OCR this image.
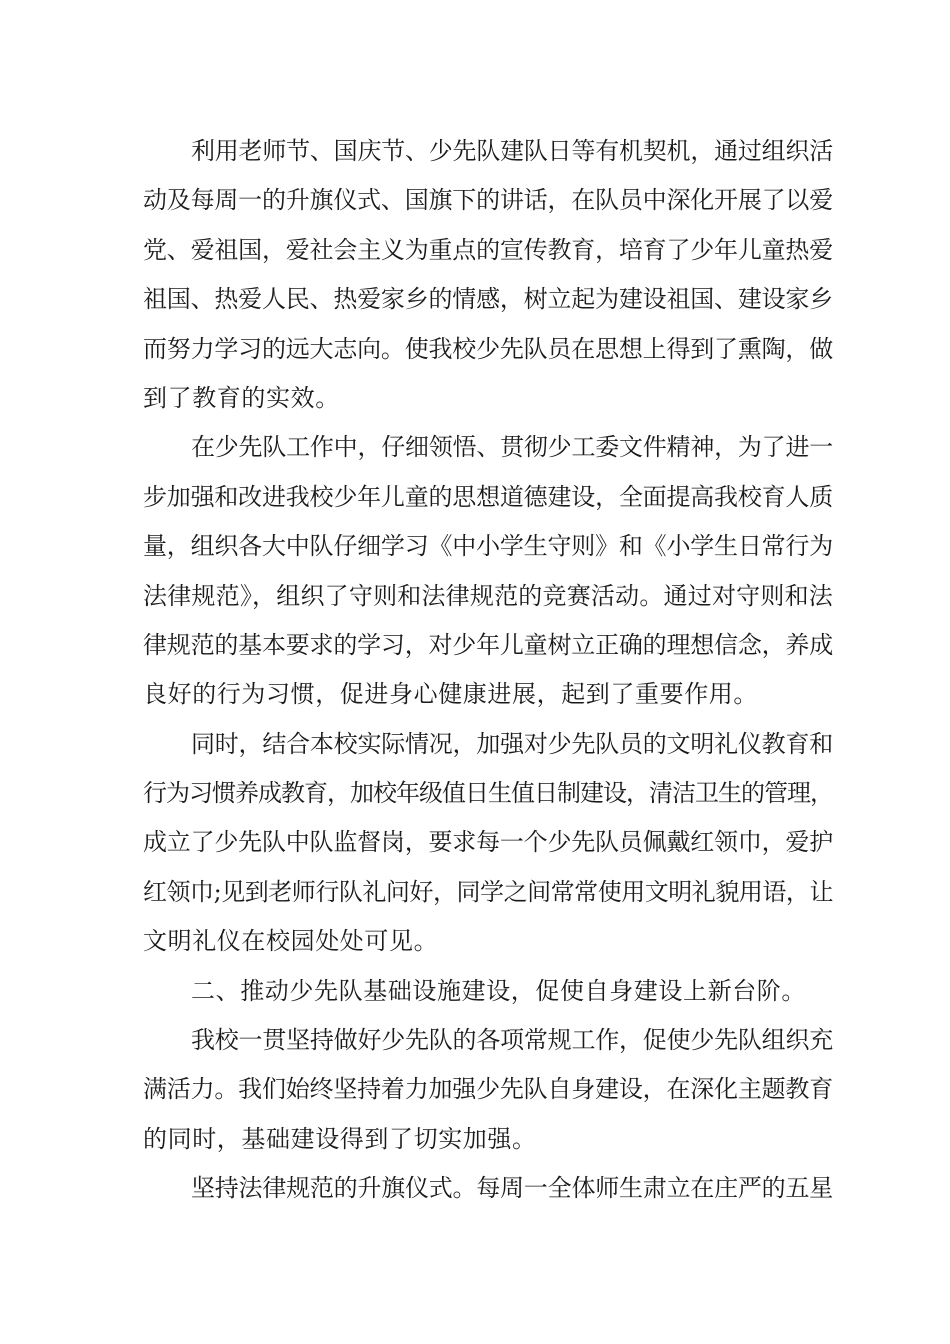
利用老师节、国庆节、少先队建队日等有机契机，通过组织活
动及每周一的升旗仪式、国旗下的讲话，在队员中深化开展了以爱
党、爱祖国，爱社会主义为重点的宣传教育，培育了少年儿童热爱
祖国、热爱人民、热爱家乡的情感，树立起为建设祖国、建设家乡
而努力学习的远大志向。使我校少先队员在思想上得到了熏陶，做
到了教育的实效。
在少先队工作中，仔细领悟、贯彻少工委文件精神，为了进一
步加强和改进我校少年儿童的思想道德建设，全面提高我校育人质
量，组织各大中队仔细学习《中小学生守则》和《小学生日常行为
法律规范》，组织了守则和法律规范的竞赛活动。通过对守则和法
律规范的基本要求的学习，对少年儿童树立正确的理想信念，养成
良好的行为习惯，促进身心健康进展，起到了重要作用。
同时，结合本校实际情况，加强对少先队员的文明礼仪教育和
行为习惯养成教育，加校年级值日生值日制建设，清洁卫生的管理，
成立了少先队中队监督岗，要求每一个少先队员佩戴红领巾，爱护
红领巾;见到老师行队礼问好，同学之间常常使用文明礼貌用语，让
文明礼仪在校园处处可见。
二、推动少先队基础设施建设，促使自身建设上新台阶。
我校一贯坚持做好少先队的各项常规工作，促使少先队组织充
满活力。我们始终坚持着力加强少先队自身建设，在深化主题教育
的同时，基础建设得到了切实加强。
坚持法律规范的升旗仪式。每周一全体师生肃立在庄严的五星
